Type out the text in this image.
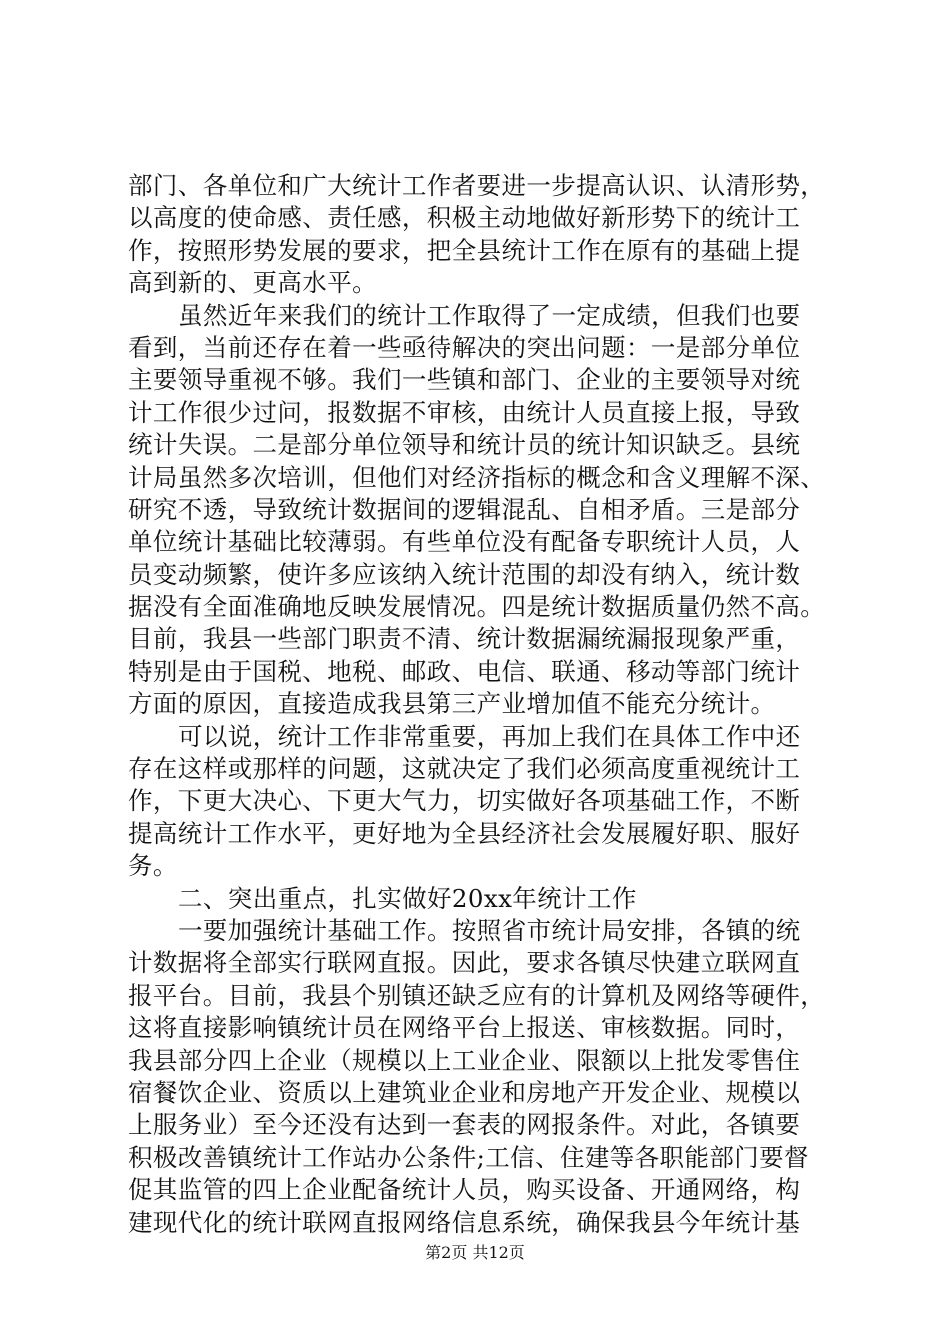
部门、各单位和广大统计工作者要进一步提高认识、认清形势，
以高度的使命感、责任感，积极主动地做好新形势下的统计工
作，按照形势发展的要求，把全县统计工作在原有的基础上提
高到新的、更高水平。
虽然近年来我们的统计工作取得了一定成绩，但我们也要
看到，当前还存在着一些亟待解决的突出问题：一是部分单位
主要领导重视不够。我们一些镇和部门、企业的主要领导对统
计工作很少过问，报数据不审核，由统计人员直接上报，导致
统计失误。二是部分单位领导和统计员的统计知识缺乏。县统
计局虽然多次培训，但他们对经济指标的概念和含义理解不深、
研究不透，导致统计数据间的逻辑混乱、自相矛盾。三是部分
单位统计基础比较薄弱。有些单位没有配备专职统计人员，人
员变动频繁，使许多应该纳入统计范围的却没有纳入，统计数
据没有全面准确地反映发展情况。四是统计数据质量仍然不高。
目前，我县一些部门职责不清、统计数据漏统漏报现象严重，
特别是由于国税、地税、邮政、电信、联通、移动等部门统计
方面的原因，直接造成我县第三产业增加值不能充分统计。
可以说，统计工作非常重要，再加上我们在具体工作中还
存在这样或那样的问题，这就决定了我们必须高度重视统计工
作，下更大决心、下更大气力，切实做好各项基础工作，不断
提高统计工作水平，更好地为全县经济社会发展履好职、服好
务。
二、突出重点，扎实做好20xx年统计工作
一要加强统计基础工作。按照省市统计局安排，各镇的统
计数据将全部实行联网直报。因此，要求各镇尽快建立联网直
报平台。目前，我县个别镇还缺乏应有的计算机及网络等硬件，
这将直接影响镇统计员在网络平台上报送、审核数据。同时，
我县部分四上企业（规模以上工业企业、限额以上批发零售住
宿餐饮企业、资质以上建筑业企业和房地产开发企业、规模以
上服务业）至今还没有达到一套表的网报条件。对此，各镇要
积极改善镇统计工作站办公条件;工信、住建等各职能部门要督
促其监管的四上企业配备统计人员，购买设备、开通网络，构
建现代化的统计联网直报网络信息系统，确保我县今年统计基
第2页 共12页
